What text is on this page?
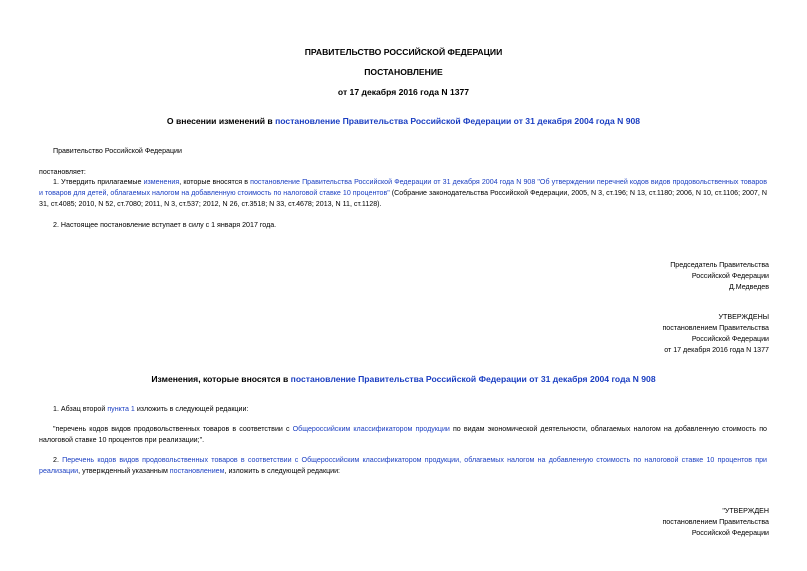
ПРАВИТЕЛЬСТВО РОССИЙСКОЙ ФЕДЕРАЦИИ
ПОСТАНОВЛЕНИЕ
от 17 декабря 2016 года N 1377
О внесении изменений в постановление Правительства Российской Федерации от 31 декабря 2004 года N 908
Правительство Российской Федерации
постановляет:
1. Утвердить прилагаемые изменения, которые вносятся в постановление Правительства Российской Федерации от 31 декабря 2004 года N 908 "Об утверждении перечней кодов видов продовольственных товаров и товаров для детей, облагаемых налогом на добавленную стоимость по налоговой ставке 10 процентов" (Собрание законодательства Российской Федерации, 2005, N 3, ст.196; N 13, ст.1180; 2006, N 10, ст.1106; 2007, N 31, ст.4085; 2010, N 52, ст.7080; 2011, N 3, ст.537; 2012, N 26, ст.3518; N 33, ст.4678; 2013, N 11, ст.1128).
2. Настоящее постановление вступает в силу с 1 января 2017 года.
Председатель Правительства
Российской Федерации
Д.Медведев
УТВЕРЖДЕНЫ
постановлением Правительства
Российской Федерации
от 17 декабря 2016 года N 1377
Изменения, которые вносятся в постановление Правительства Российской Федерации от 31 декабря 2004 года N 908
1. Абзац второй пункта 1 изложить в следующей редакции:
"перечень кодов видов продовольственных товаров в соответствии с Общероссийским классификатором продукции по видам экономической деятельности, облагаемых налогом на добавленную стоимость по налоговой ставке 10 процентов при реализации;".
2. Перечень кодов видов продовольственных товаров в соответствии с Общероссийским классификатором продукции, облагаемых налогом на добавленную стоимость по налоговой ставке 10 процентов при реализации, утвержденный указанным постановлением, изложить в следующей редакции:
"УТВЕРЖДЕН
постановлением Правительства
Российской Федерации
